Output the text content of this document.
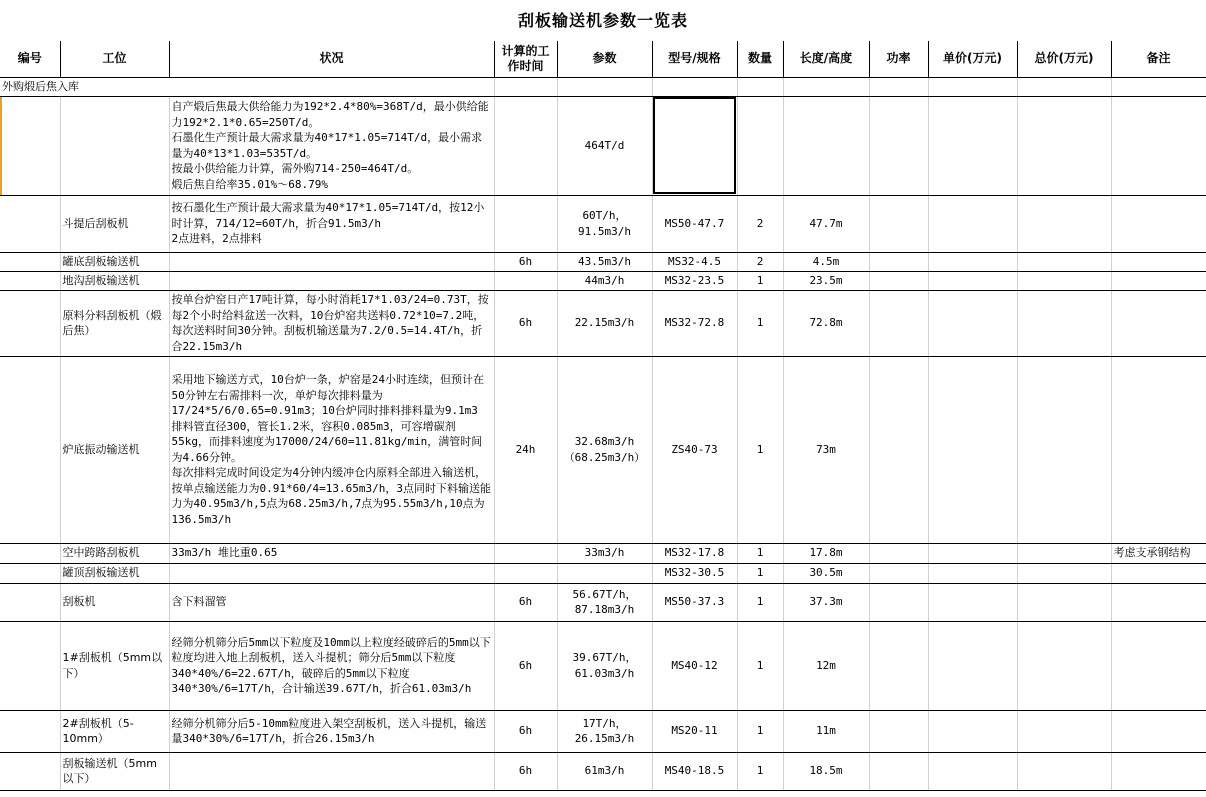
刮板输送机参数一览表
编号	工位	状况	计算的工作时间	参数	型号/规格	数量	长度/高度	功率	单价(万元)	总价(万元)	备注
外购煅后焦入库											
		自产煅后焦最大供给能力为192*2.4*80%=368T/d，最小供给能力192*2.1*0.65=250T/d。
石墨化生产预计最大需求量为40*17*1.05=714T/d，最小需求量为40*13*1.03=535T/d。
按最小供给能力计算，需外购714-250=464T/d。
煅后焦自给率35.01%～68.79%		464T/d							
	斗提后刮板机	按石墨化生产预计最大需求量为40*17*1.05=714T/d，按12小时计算，714/12=60T/h，折合91.5m3/h
2点进料，2点排料		60T/h，
91.5m3/h	MS50-47.7	2	47.7m				
	罐底刮板输送机		6h	43.5m3/h	MS32-4.5	2	4.5m				
	地沟刮板输送机			44m3/h	MS32-23.5	1	23.5m				
	原料分料刮板机（煅后焦）	按单台炉窑日产17吨计算，每小时消耗17*1.03/24=0.73T，按每2个小时给料盆送一次料，10台炉窑共送料0.72*10=7.2吨，每次送料时间30分钟。刮板机输送量为7.2/0.5=14.4T/h，折合22.15m3/h	6h	22.15m3/h	MS32-72.8	1	72.8m				
	炉底振动输送机	采用地下输送方式，10台炉一条，炉窑是24小时连续，但预计在50分钟左右需排料一次，单炉每次排料量为17/24*5/6/0.65=0.91m3；10台炉同时排料排料量为9.1m3
排料管直径300，管长1.2米，容积0.085m3，可容增碳剂55kg，而排料速度为17000/24/60=11.81kg/min，满管时间为4.66分钟。
每次排料完成时间设定为4分钟内缓冲仓内原料全部进入输送机，按单点输送能力为0.91*60/4=13.65m3/h，3点同时下料输送能力为40.95m3/h,5点为68.25m3/h,7点为95.55m3/h,10点为136.5m3/h	24h	32.68m3/h
（68.25m3/h）	ZS40-73	1	73m				
	空中跨路刮板机	33m3/h 堆比重0.65		33m3/h	MS32-17.8	1	17.8m				考虑支承钢结构
	罐顶刮板输送机				MS32-30.5	1	30.5m				
	刮板机	含下料溜管	6h	56.67T/h，
87.18m3/h	MS50-37.3	1	37.3m				
	1#刮板机（5mm以下）	经筛分机筛分后5mm以下粒度及10mm以上粒度经破碎后的5mm以下粒度均进入地上刮板机，送入斗提机；筛分后5mm以下粒度340*40%/6=22.67T/h，破碎后的5mm以下粒度340*30%/6=17T/h，合计输送39.67T/h，折合61.03m3/h	6h	39.67T/h，
61.03m3/h	MS40-12	1	12m				
	2#刮板机（5-10mm）	经筛分机筛分后5-10mm粒度进入架空刮板机，送入斗提机，输送量340*30%/6=17T/h，折合26.15m3/h	6h	17T/h，
26.15m3/h	MS20-11	1	11m				
	刮板输送机（5mm以下）		6h	61m3/h	MS40-18.5	1	18.5m				
